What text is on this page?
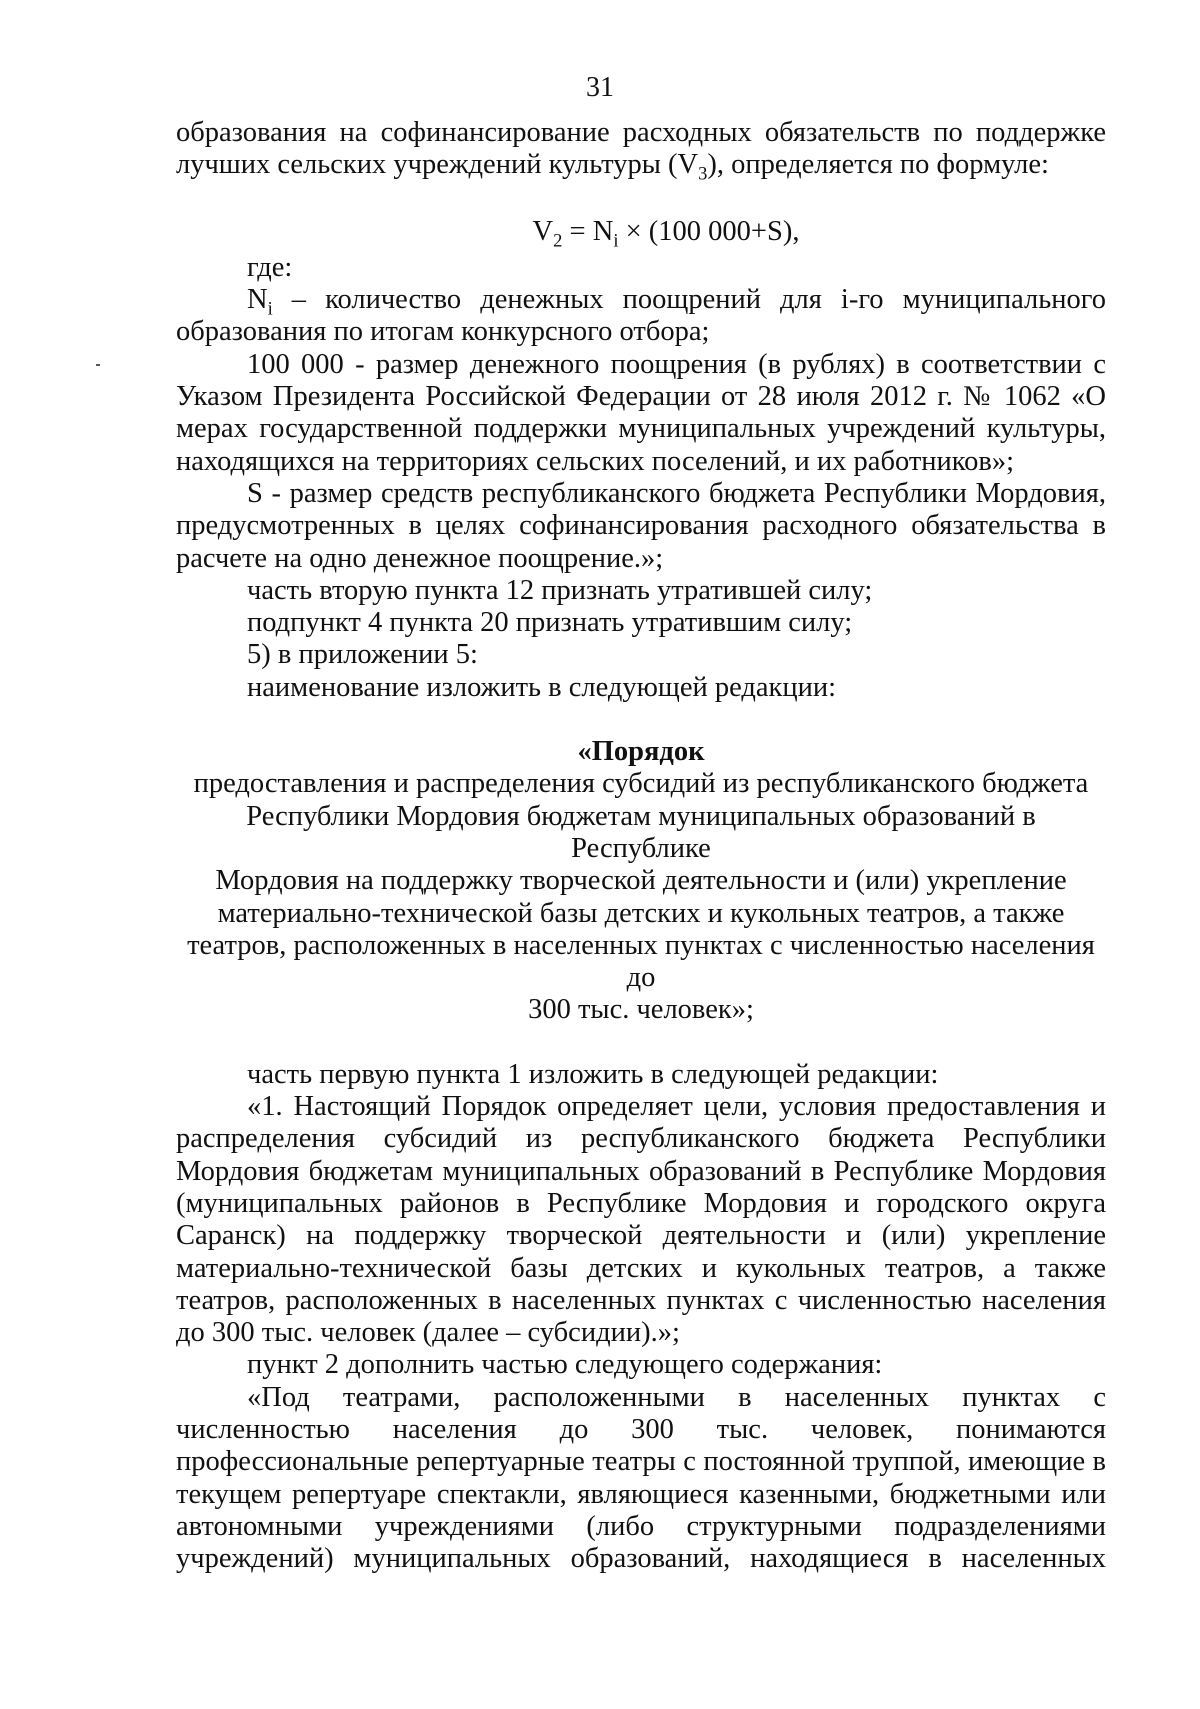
31

образования на софинансирование расходных обязательств по поддержке лучших сельских учреждений культуры $(V_3)$, определяется по формуле:

$V_2 = N_i \times (100$ 000+S),

где:

$N_i$ – количество денежных поощрений для i-го муниципального образования по итогам конкурсного отбора;

100 000 - размер денежного поощрения (в рублях) в соответствии с Указом Президента Российской Федерации от 28 июля 2012 г. № 1062 «О мерах государственной поддержки муниципальных учреждений культуры, находящихся на территориях сельских поселений, и их работников»;

S - размер средств республиканского бюджета Республики Мордовия, предусмотренных в целях софинансирования расходного обязательства в расчете на одно денежное поощрение.»;

часть вторую пункта 12 признать утратившей силу;

подпункт 4 пункта 20 признать утратившим силу;

5) в приложении 5:

наименование изложить в следующей редакции:

«Порядок

предоставления и распределения субсидий из республиканского бюджета

Республики Мордовия бюджетам муниципальных образований в Республике

Мордовия на поддержку творческой деятельности и (или) укрепление

материально-технической базы детских и кукольных театров, а также

театров, расположенных в населенных пунктах с численностью населения до

300 тыс. человек»;

часть первую пункта 1 изложить в следующей редакции:

«1. Настоящий Порядок определяет цели, условия предоставления и распределения субсидий из республиканского бюджета Республики Мордовия бюджетам муниципальных образований в Республике Мордовия (муниципальных районов в Республике Мордовия и городского округа Саранск) на поддержку творческой деятельности и (или) укрепление материально-технической базы детских и кукольных театров, а также театров, расположенных в населенных пунктах с численностью населения до 300 тыс. человек (далее – субсидии).»;

пункт 2 дополнить частью следующего содержания:

«Под театрами, расположенными в населенных пунктах с численностью населения до 300 тыс. человек, понимаются профессиональные репертуарные театры с постоянной труппой, имеющие в текущем репертуаре спектакли, являющиеся казенными, бюджетными или автономными учреждениями (либо структурными подразделениями учреждений) муниципальных образований, находящиеся в населенных
